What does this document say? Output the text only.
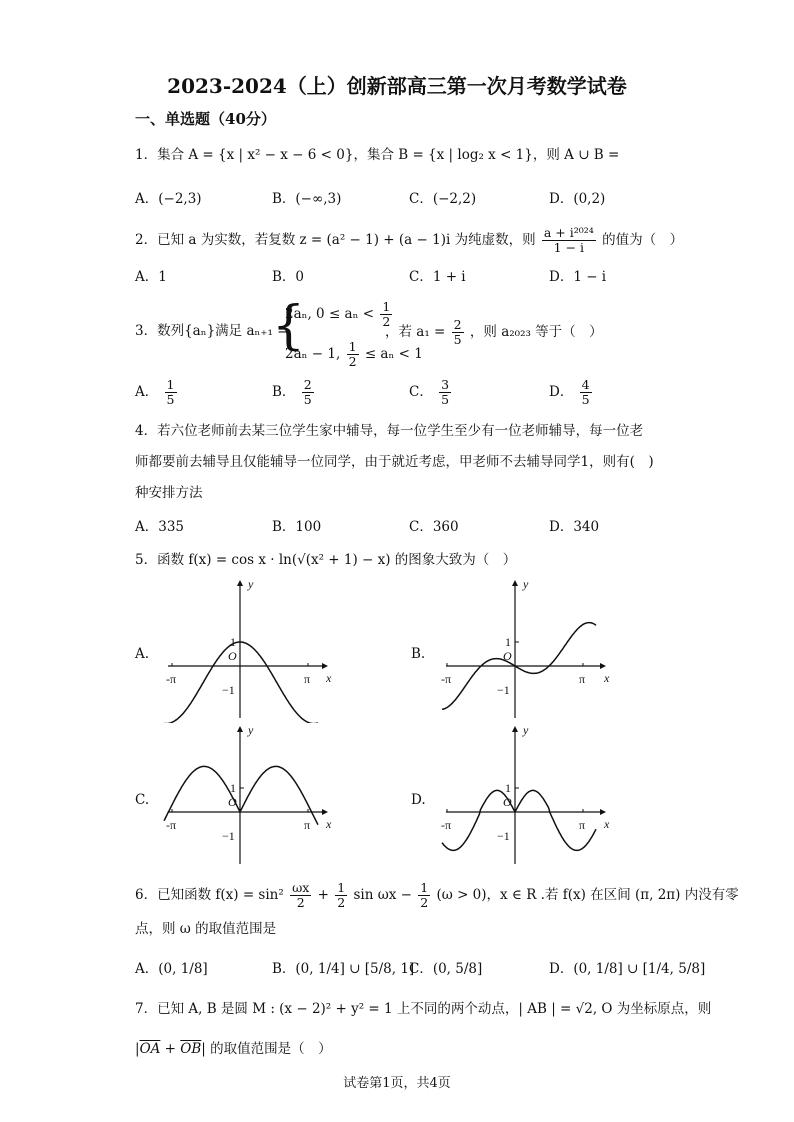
2023-2024（上）创新部高三第一次月考数学试卷
一、单选题（40分）
1．集合 A = {x | x² − x − 6 < 0}，集合 B = {x | log₂ x < 1}，则 A ∪ B =
A．(−2,3)	B．(−∞,3)	C．(−2,2)	D．(0,2)
2．已知 a 为实数，若复数 z = (a² − 1) + (a − 1)i 为纯虚数，则 $\frac{\text{a + i²⁰²⁴}}{1 - i}$ 的值为（　）
A．1	B．0	C．1 + i	D．1 − i
3．数列{aₙ}满足 aₙ₊₁ =
{
2aₙ, $0 \le a_n < \frac{1}{2}$
2aₙ − 1, $\frac{1}{2} \le a_n < 1$
，若 $a_1 = \frac{2}{5}$ ，则 a₂₀₂₃ 等于（　）
A． $\frac{1}{5}$	B． $\frac{2}{5}$	C． $\frac{3}{5}$	D． $\frac{4}{5}$
4．若六位老师前去某三位学生家中辅导，每一位学生至少有一位老师辅导，每一位老
师都要前去辅导且仅能辅导一位同学，由于就近考虑，甲老师不去辅导同学1，则有(　)
种安排方法
A．335	B．100	C．360	D．340
5．函数 f(x) = cos x · ln(√(x² + 1) − x) 的图象大致为（　）
A.	B.
C.	D.
y
x
O
1
−1
-π	π
y
x
O
1
−1
-π	π
y
x
O
1
−1
-π	π
y
x
O
1
−1
-π	π
6．已知函数 $f(x) = \sin^2 \frac{\omega x}{2} + \frac{1}{2}$ $\sin \omega x - \frac{1}{2} (\omega > 0)$，x ∈ R .若 f(x) 在区间 (π, 2π) 内没有零
点，则 ω 的取值范围是
A．(0, 1/8]	B．(0, 1/4] ∪ [5/8, 1]
C．(0, 5/8]	D．(0, 1/8] ∪ [1/4, 5/8]
7．已知 A, B 是圆 M : (x − 2)² + y² = 1 上不同的两个动点，| AB | = √2, O 为坐标原点，则
$|\overline{OA} + \overline{OB}|$ 的取值范围是（　）
试卷第1页，共4页
